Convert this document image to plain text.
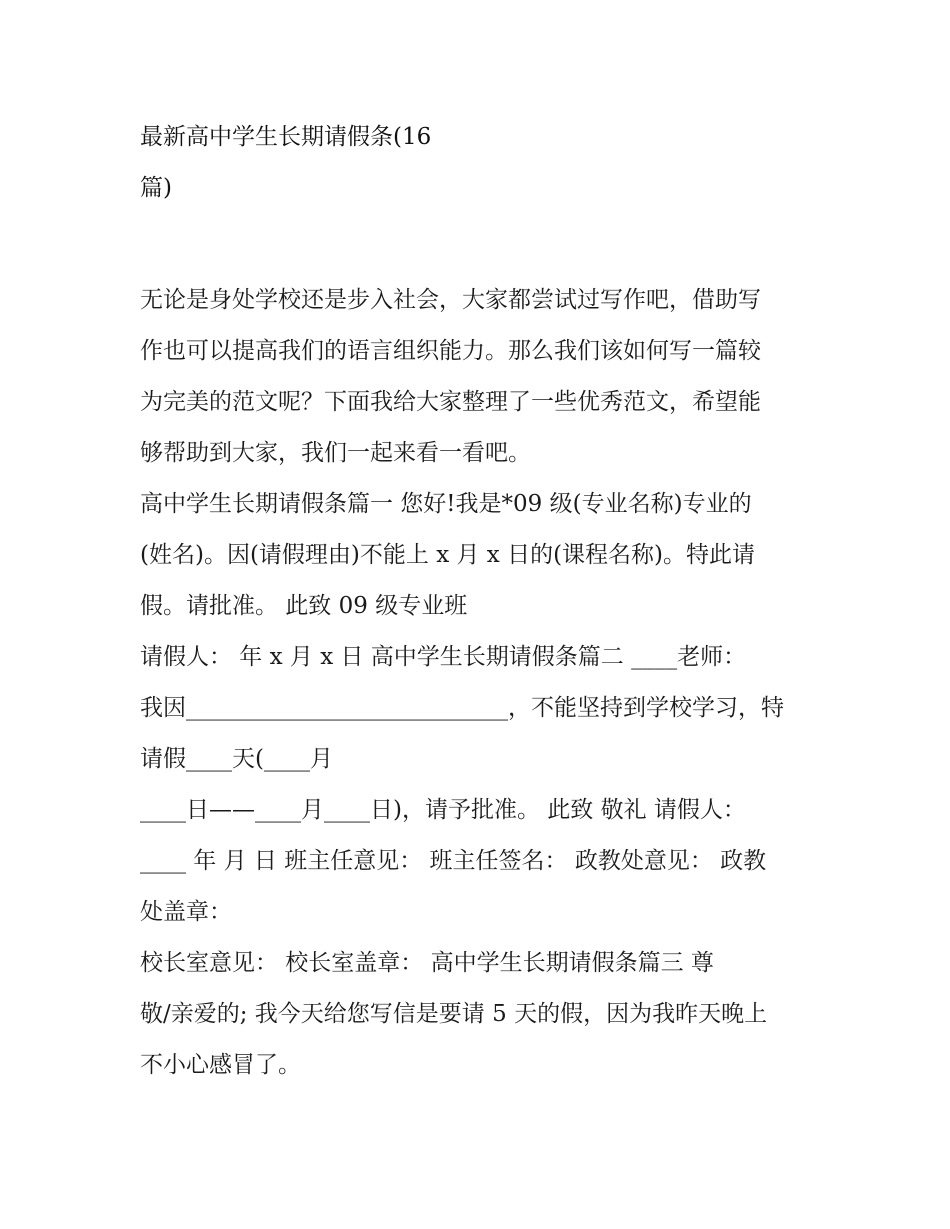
最新高中学生长期请假条(16
篇)

无论是身处学校还是步入社会，大家都尝试过写作吧，借助写
作也可以提高我们的语言组织能力。那么我们该如何写一篇较
为完美的范文呢？下面我给大家整理了一些优秀范文，希望能
够帮助到大家，我们一起来看一看吧。

高中学生长期请假条篇一 您好!我是*09 级(专业名称)专业的
(姓名)。因(请假理由)不能上 x 月 x 日的(课程名称)。特此请
假。请批准。 此致 09 级专业班

请假人： 年 x 月 x 日 高中学生长期请假条篇二 ____老师：
我因____________________________，不能坚持到学校学习，特
请假____天(____月

____日——____月____日)，请予批准。 此致 敬礼 请假人：
____ 年 月 日 班主任意见： 班主任签名： 政教处意见： 政教
处盖章：

校长室意见： 校长室盖章： 高中学生长期请假条篇三 尊
敬/亲爱的; 我今天给您写信是要请 5 天的假，因为我昨天晚上
不小心感冒了。
